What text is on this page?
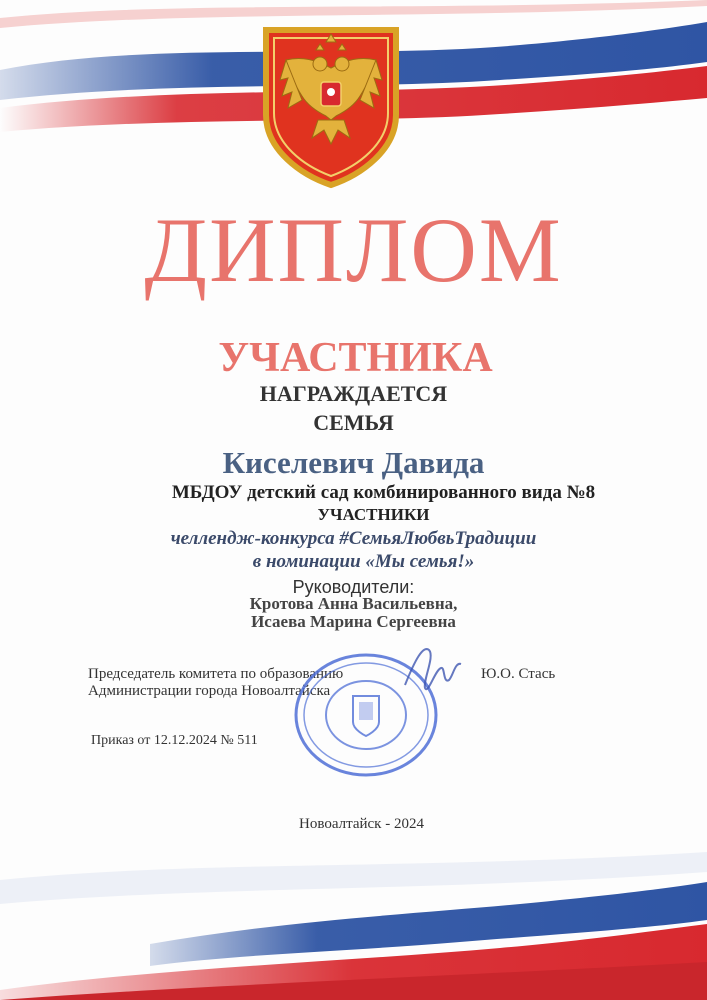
ДИПЛОМ
УЧАСТНИКА
НАГРАЖДАЕТСЯ
СЕМЬЯ
Киселевич Давида
МБДОУ детский сад комбинированного вида №8
УЧАСТНИКИ
челлендж-конкурса #СемьяЛюбвьТрадиции
в номинации «Мы семья!»
Руководители:
Кротова Анна Васильевна,
Исаева Марина Сергеевна
Председатель комитета по образованию
Администрации города Новоалтайска
Ю.О. Стась
Приказ от 12.12.2024 № 511
Новоалтайск - 2024
